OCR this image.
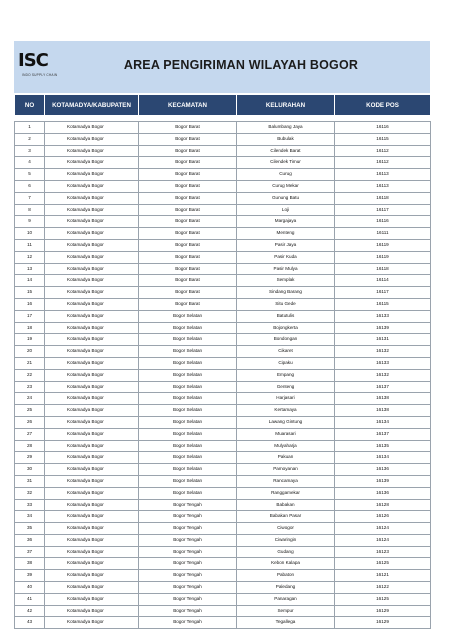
ISC
INDO SUPPLY CHAIN
AREA PENGIRIMAN WILAYAH BOGOR
NO	KOTAMADYA/KABUPATEN	KECAMATAN	KELURAHAN	KODE POS

1	Kotamadya Bogor	Bogor Barat	Balumbang Jaya	16116
2	Kotamadya Bogor	Bogor Barat	Bubulak	16115
3	Kotamadya Bogor	Bogor Barat	Cilendek Barat	16112
4	Kotamadya Bogor	Bogor Barat	Cilendek Timur	16112
5	Kotamadya Bogor	Bogor Barat	Curug	16113
6	Kotamadya Bogor	Bogor Barat	Curug Mekar	16113
7	Kotamadya Bogor	Bogor Barat	Gunung Batu	16118
8	Kotamadya Bogor	Bogor Barat	Loji	16117
9	Kotamadya Bogor	Bogor Barat	Margajaya	16116
10	Kotamadya Bogor	Bogor Barat	Menteng	16111
11	Kotamadya Bogor	Bogor Barat	Pasir Jaya	16119
12	Kotamadya Bogor	Bogor Barat	Pasir Kuda	16119
13	Kotamadya Bogor	Bogor Barat	Pasir Mulya	16118
14	Kotamadya Bogor	Bogor Barat	Semplak	16114
15	Kotamadya Bogor	Bogor Barat	Sindang Barang	16117
16	Kotamadya Bogor	Bogor Barat	Situ Gede	16115
17	Kotamadya Bogor	Bogor Selatan	Batutulis	16133
18	Kotamadya Bogor	Bogor Selatan	Bojongkerta	16139
19	Kotamadya Bogor	Bogor Selatan	Bondongan	16131
20	Kotamadya Bogor	Bogor Selatan	Cikaret	16132
21	Kotamadya Bogor	Bogor Selatan	Cipaku	16133
22	Kotamadya Bogor	Bogor Selatan	Empang	16132
23	Kotamadya Bogor	Bogor Selatan	Genteng	16137
24	Kotamadya Bogor	Bogor Selatan	Harjasari	16138
25	Kotamadya Bogor	Bogor Selatan	Kertamaya	16138
26	Kotamadya Bogor	Bogor Selatan	Lawang Gintung	16134
27	Kotamadya Bogor	Bogor Selatan	Muarasari	16137
28	Kotamadya Bogor	Bogor Selatan	Mulyaharja	16135
29	Kotamadya Bogor	Bogor Selatan	Pakuan	16134
30	Kotamadya Bogor	Bogor Selatan	Pamoyanan	16136
31	Kotamadya Bogor	Bogor Selatan	Rancamaya	16139
32	Kotamadya Bogor	Bogor Selatan	Ranggamekar	16136
33	Kotamadya Bogor	Bogor Tengah	Babakan	16128
34	Kotamadya Bogor	Bogor Tengah	Babakan Pasar	16126
35	Kotamadya Bogor	Bogor Tengah	Ciwogor	16124
36	Kotamadya Bogor	Bogor Tengah	Ciwaringin	16124
37	Kotamadya Bogor	Bogor Tengah	Gudang	16123
38	Kotamadya Bogor	Bogor Tengah	Kebon Kalapa	16125
39	Kotamadya Bogor	Bogor Tengah	Pabaton	16121
40	Kotamadya Bogor	Bogor Tengah	Paledang	16122
41	Kotamadya Bogor	Bogor Tengah	Panaragan	16125
42	Kotamadya Bogor	Bogor Tengah	Sempur	16129
43	Kotamadya Bogor	Bogor Tengah	Tegallega	16129
